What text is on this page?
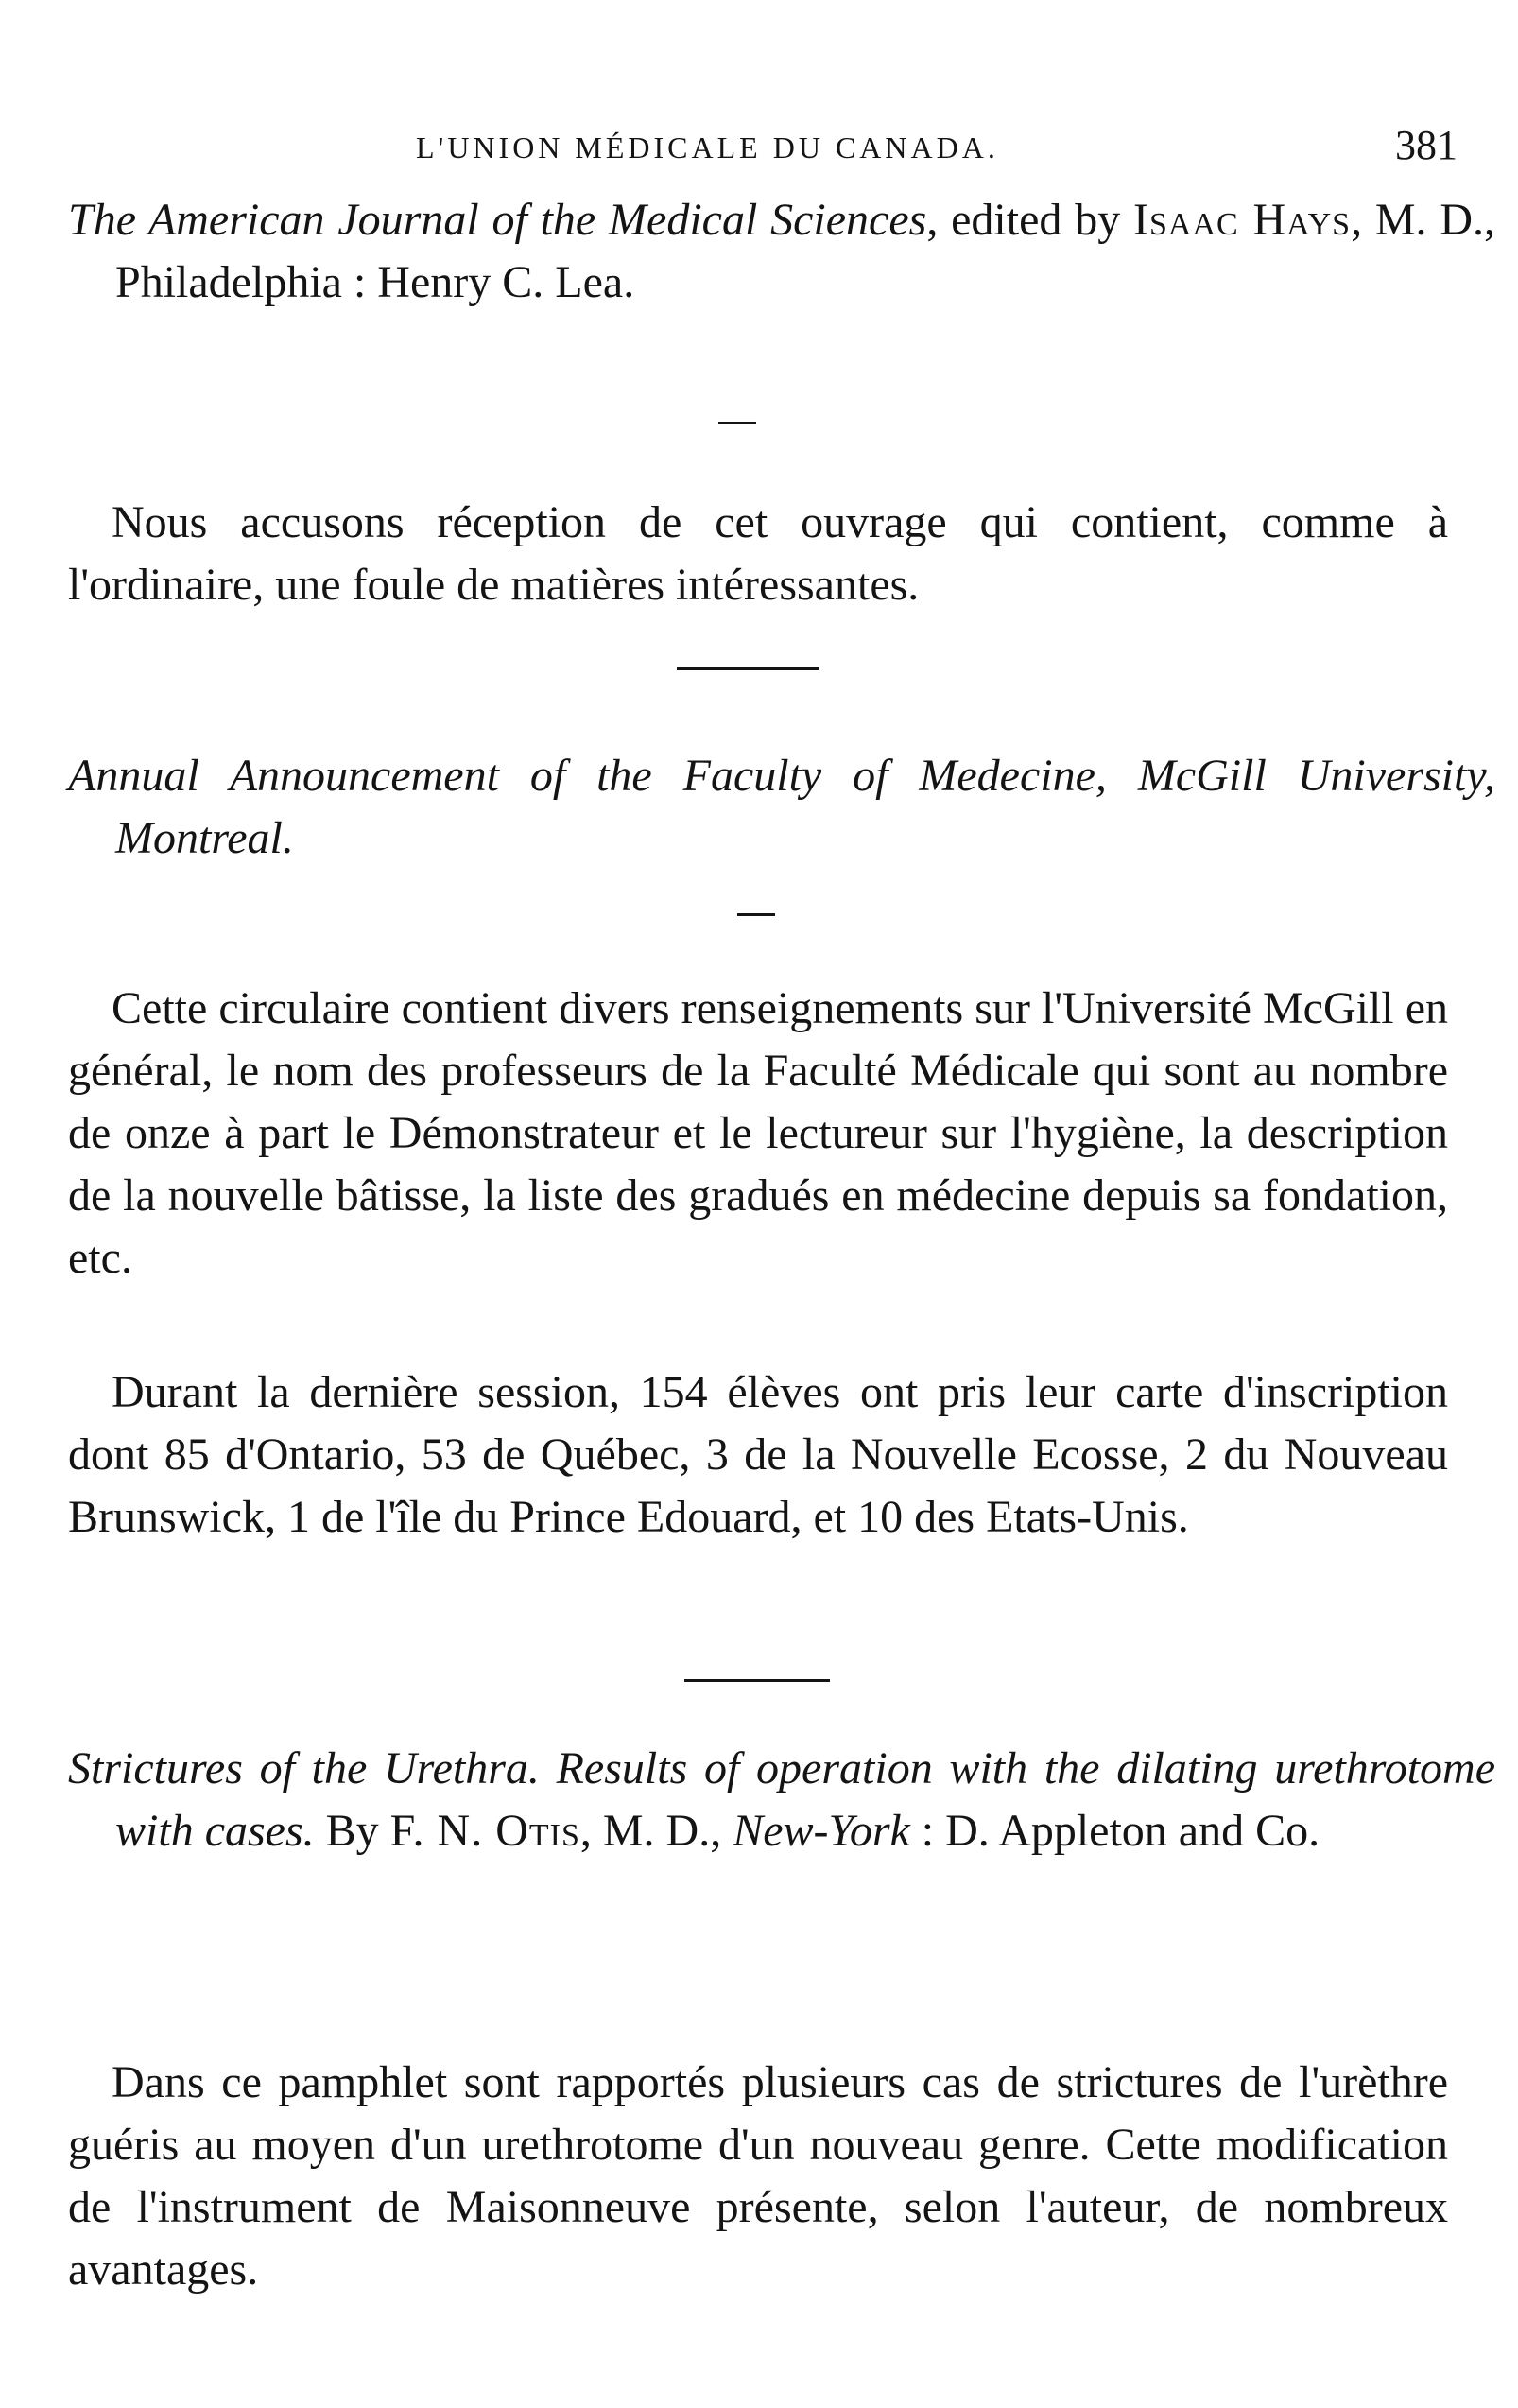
L'UNION MÉDICALE DU CANADA.	381
The American Journal of the Medical Sciences, edited by Isaac Hays, M. D., Philadelphia : Henry C. Lea.
Nous accusons réception de cet ouvrage qui contient, comme à l'ordinaire, une foule de matières intéressantes.
Annual Announcement of the Faculty of Medecine, McGill University, Montreal.
Cette circulaire contient divers renseignements sur l'Université McGill en général, le nom des professeurs de la Faculté Médicale qui sont au nombre de onze à part le Démonstrateur et le lectureur sur l'hygiène, la description de la nouvelle bâtisse, la liste des gradués en médecine depuis sa fondation, etc.
Durant la dernière session, 154 élèves ont pris leur carte d'inscription dont 85 d'Ontario, 53 de Québec, 3 de la Nouvelle Ecosse, 2 du Nouveau Brunswick, 1 de l'île du Prince Edouard, et 10 des Etats-Unis.
Strictures of the Urethra. Results of operation with the dilating urethrotome with cases. By F. N. Otis, M. D., New-York : D. Appleton and Co.
Dans ce pamphlet sont rapportés plusieurs cas de strictures de l'urèthre guéris au moyen d'un urethrotome d'un nouveau genre. Cette modification de l'instrument de Maisonneuve présente, selon l'auteur, de nombreux avantages.
